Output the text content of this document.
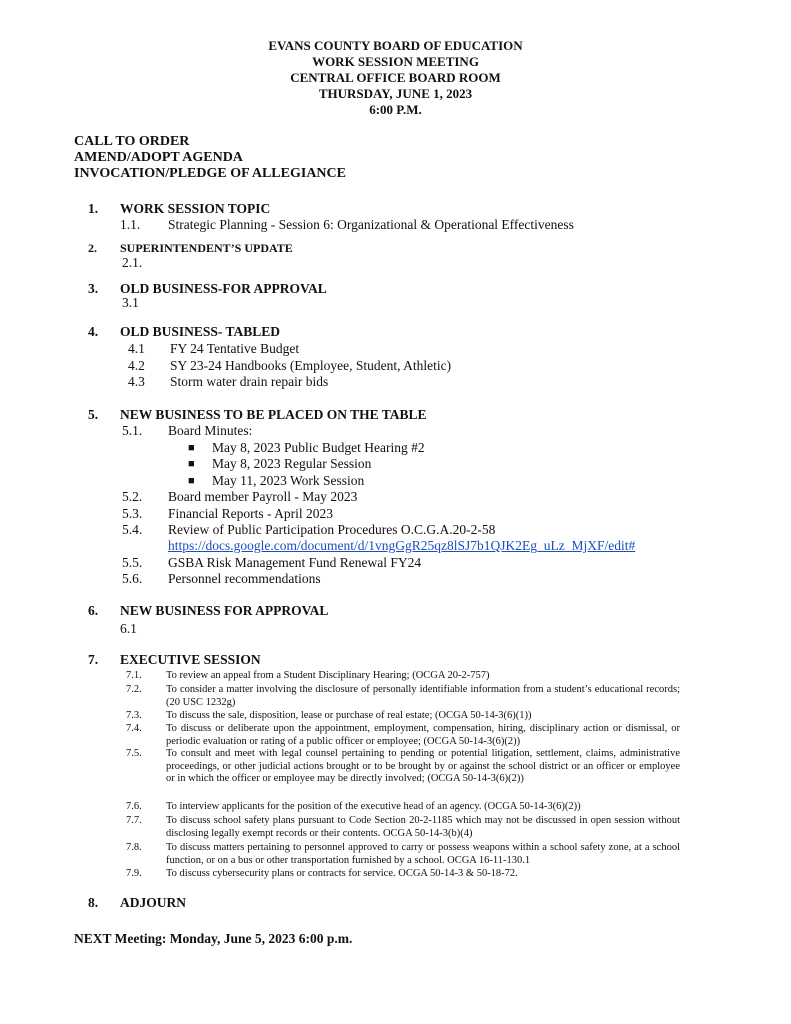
EVANS COUNTY BOARD OF EDUCATION
WORK SESSION MEETING
CENTRAL OFFICE BOARD ROOM
THURSDAY, JUNE 1, 2023
6:00 P.M.
CALL TO ORDER
AMEND/ADOPT AGENDA
INVOCATION/PLEDGE OF ALLEGIANCE
1. WORK SESSION TOPIC
1.1. Strategic Planning - Session 6: Organizational & Operational Effectiveness
2. SUPERINTENDENT’S UPDATE
2.1.
3. OLD BUSINESS-FOR APPROVAL
3.1
4. OLD BUSINESS- TABLED
4.1 FY 24 Tentative Budget
4.2 SY 23-24 Handbooks (Employee, Student, Athletic)
4.3 Storm water drain repair bids
5. NEW BUSINESS TO BE PLACED ON THE TABLE
5.1. Board Minutes:
■ May 8, 2023 Public Budget Hearing #2
■ May 8, 2023 Regular Session
■ May 11, 2023 Work Session
5.2. Board member Payroll - May 2023
5.3. Financial Reports - April 2023
5.4. Review of Public Participation Procedures O.C.G.A.20-2-58
https://docs.google.com/document/d/1vngGgR25qz8lSJ7b1QJK2Eg_uLz_MjXF/edit#
5.5. GSBA Risk Management Fund Renewal FY24
5.6. Personnel recommendations
6. NEW BUSINESS FOR APPROVAL
6.1
7. EXECUTIVE SESSION
7.1. To review an appeal from a Student Disciplinary Hearing; (OCGA 20-2-757)
7.2. To consider a matter involving the disclosure of personally identifiable information from a student’s educational records; (20 USC 1232g)
7.3. To discuss the sale, disposition, lease or purchase of real estate; (OCGA 50-14-3(6)(1))
7.4. To discuss or deliberate upon the appointment, employment, compensation, hiring, disciplinary action or dismissal, or periodic evaluation or rating of a public officer or employee; (OCGA 50-14-3(6)(2))
7.5. To consult and meet with legal counsel pertaining to pending or potential litigation, settlement, claims, administrative proceedings, or other judicial actions brought or to be brought by or against the school district or an officer or employee or in which the officer or employee may be directly involved; (OCGA 50-14-3(6)(2))
7.6. To interview applicants for the position of the executive head of an agency. (OCGA 50-14-3(6)(2))
7.7. To discuss school safety plans pursuant to Code Section 20-2-1185 which may not be discussed in open session without disclosing legally exempt records or their contents. OCGA 50-14-3(b)(4)
7.8. To discuss matters pertaining to personnel approved to carry or possess weapons within a school safety zone, at a school function, or on a bus or other transportation furnished by a school. OCGA 16-11-130.1
7.9. To discuss cybersecurity plans or contracts for service. OCGA 50-14-3 & 50-18-72.
8. ADJOURN
NEXT Meeting: Monday, June 5, 2023 6:00 p.m.
